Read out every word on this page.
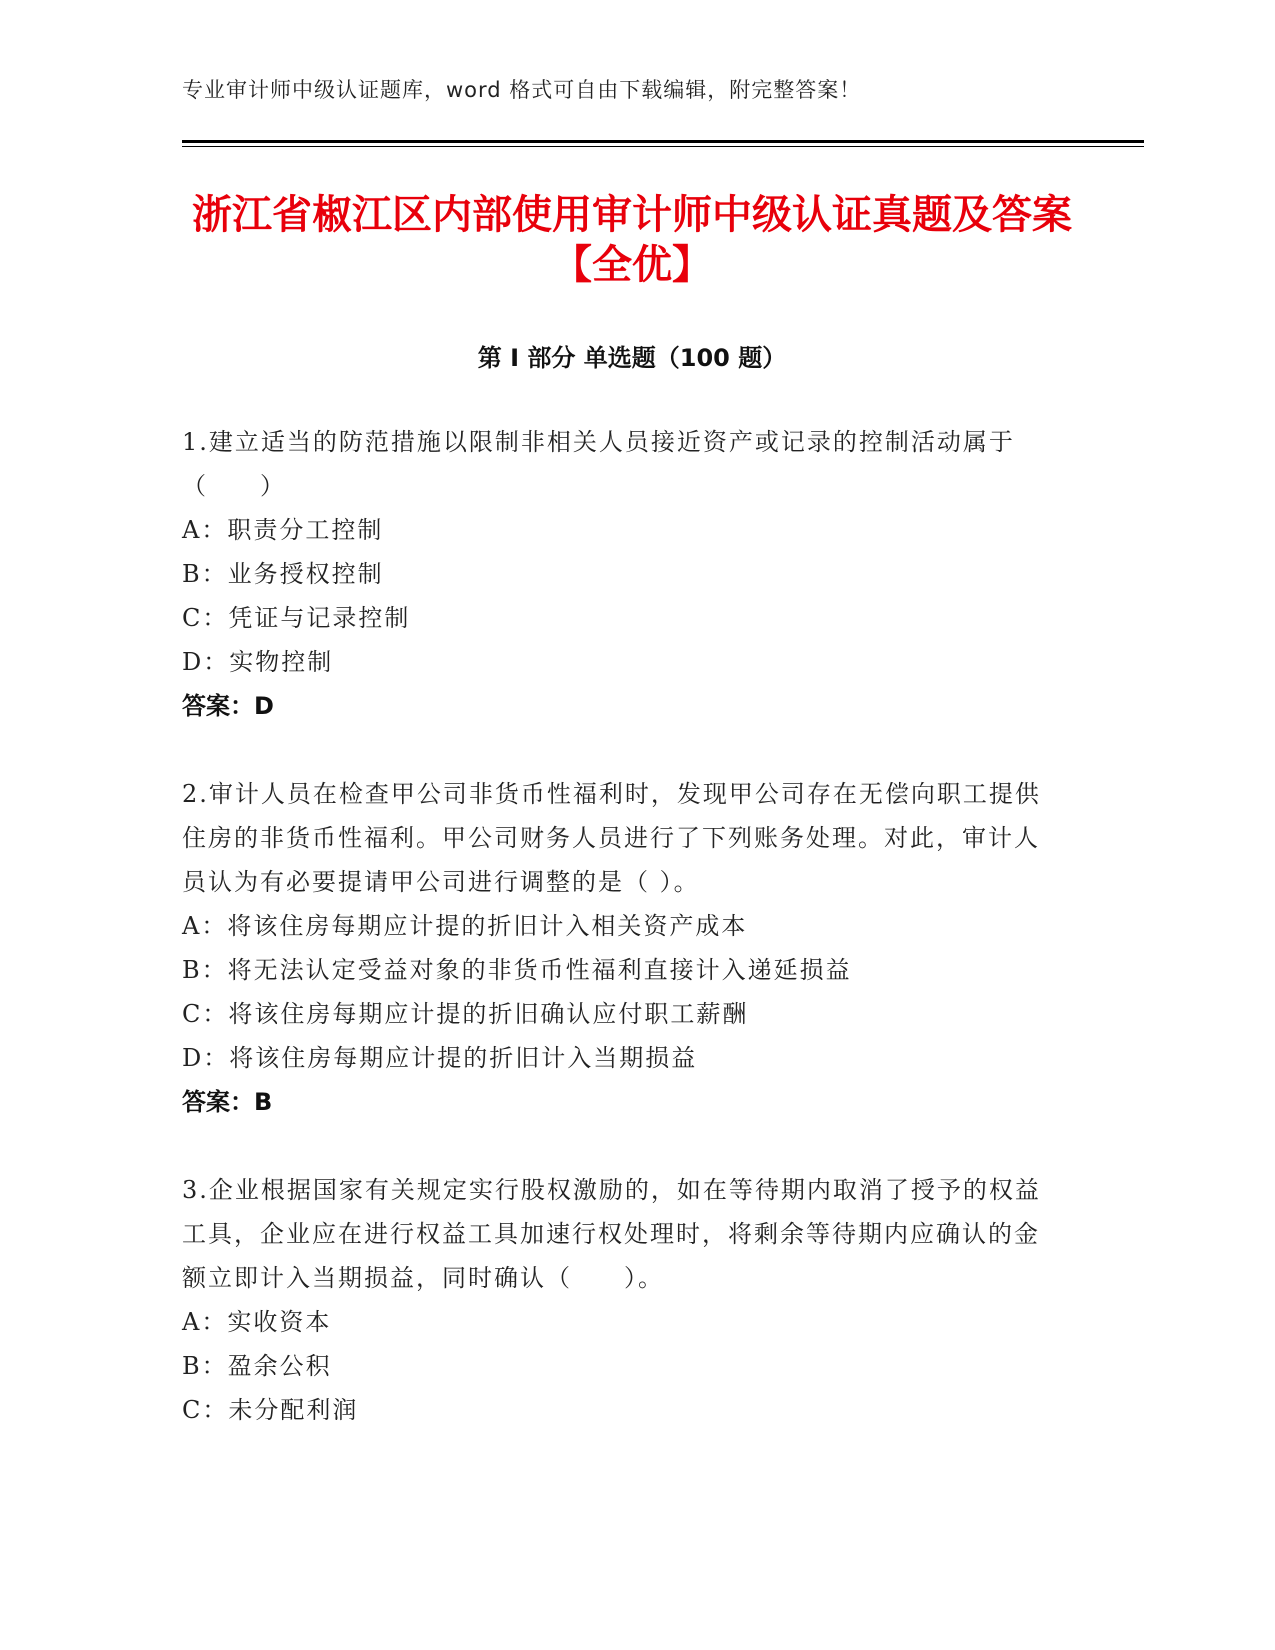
专业审计师中级认证题库，word 格式可自由下载编辑，附完整答案！
浙江省椒江区内部使用审计师中级认证真题及答案【全优】
第 I 部分 单选题（100 题）
1.建立适当的防范措施以限制非相关人员接近资产或记录的控制活动属于（　　）
A：职责分工控制
B：业务授权控制
C：凭证与记录控制
D：实物控制
答案：D
2.审计人员在检查甲公司非货币性福利时，发现甲公司存在无偿向职工提供住房的非货币性福利。甲公司财务人员进行了下列账务处理。对此，审计人员认为有必要提请甲公司进行调整的是（ ）。
A：将该住房每期应计提的折旧计入相关资产成本
B：将无法认定受益对象的非货币性福利直接计入递延损益
C：将该住房每期应计提的折旧确认应付职工薪酬
D：将该住房每期应计提的折旧计入当期损益
答案：B
3.企业根据国家有关规定实行股权激励的，如在等待期内取消了授予的权益工具，企业应在进行权益工具加速行权处理时，将剩余等待期内应确认的金额立即计入当期损益，同时确认（　　）。
A：实收资本
B：盈余公积
C：未分配利润
